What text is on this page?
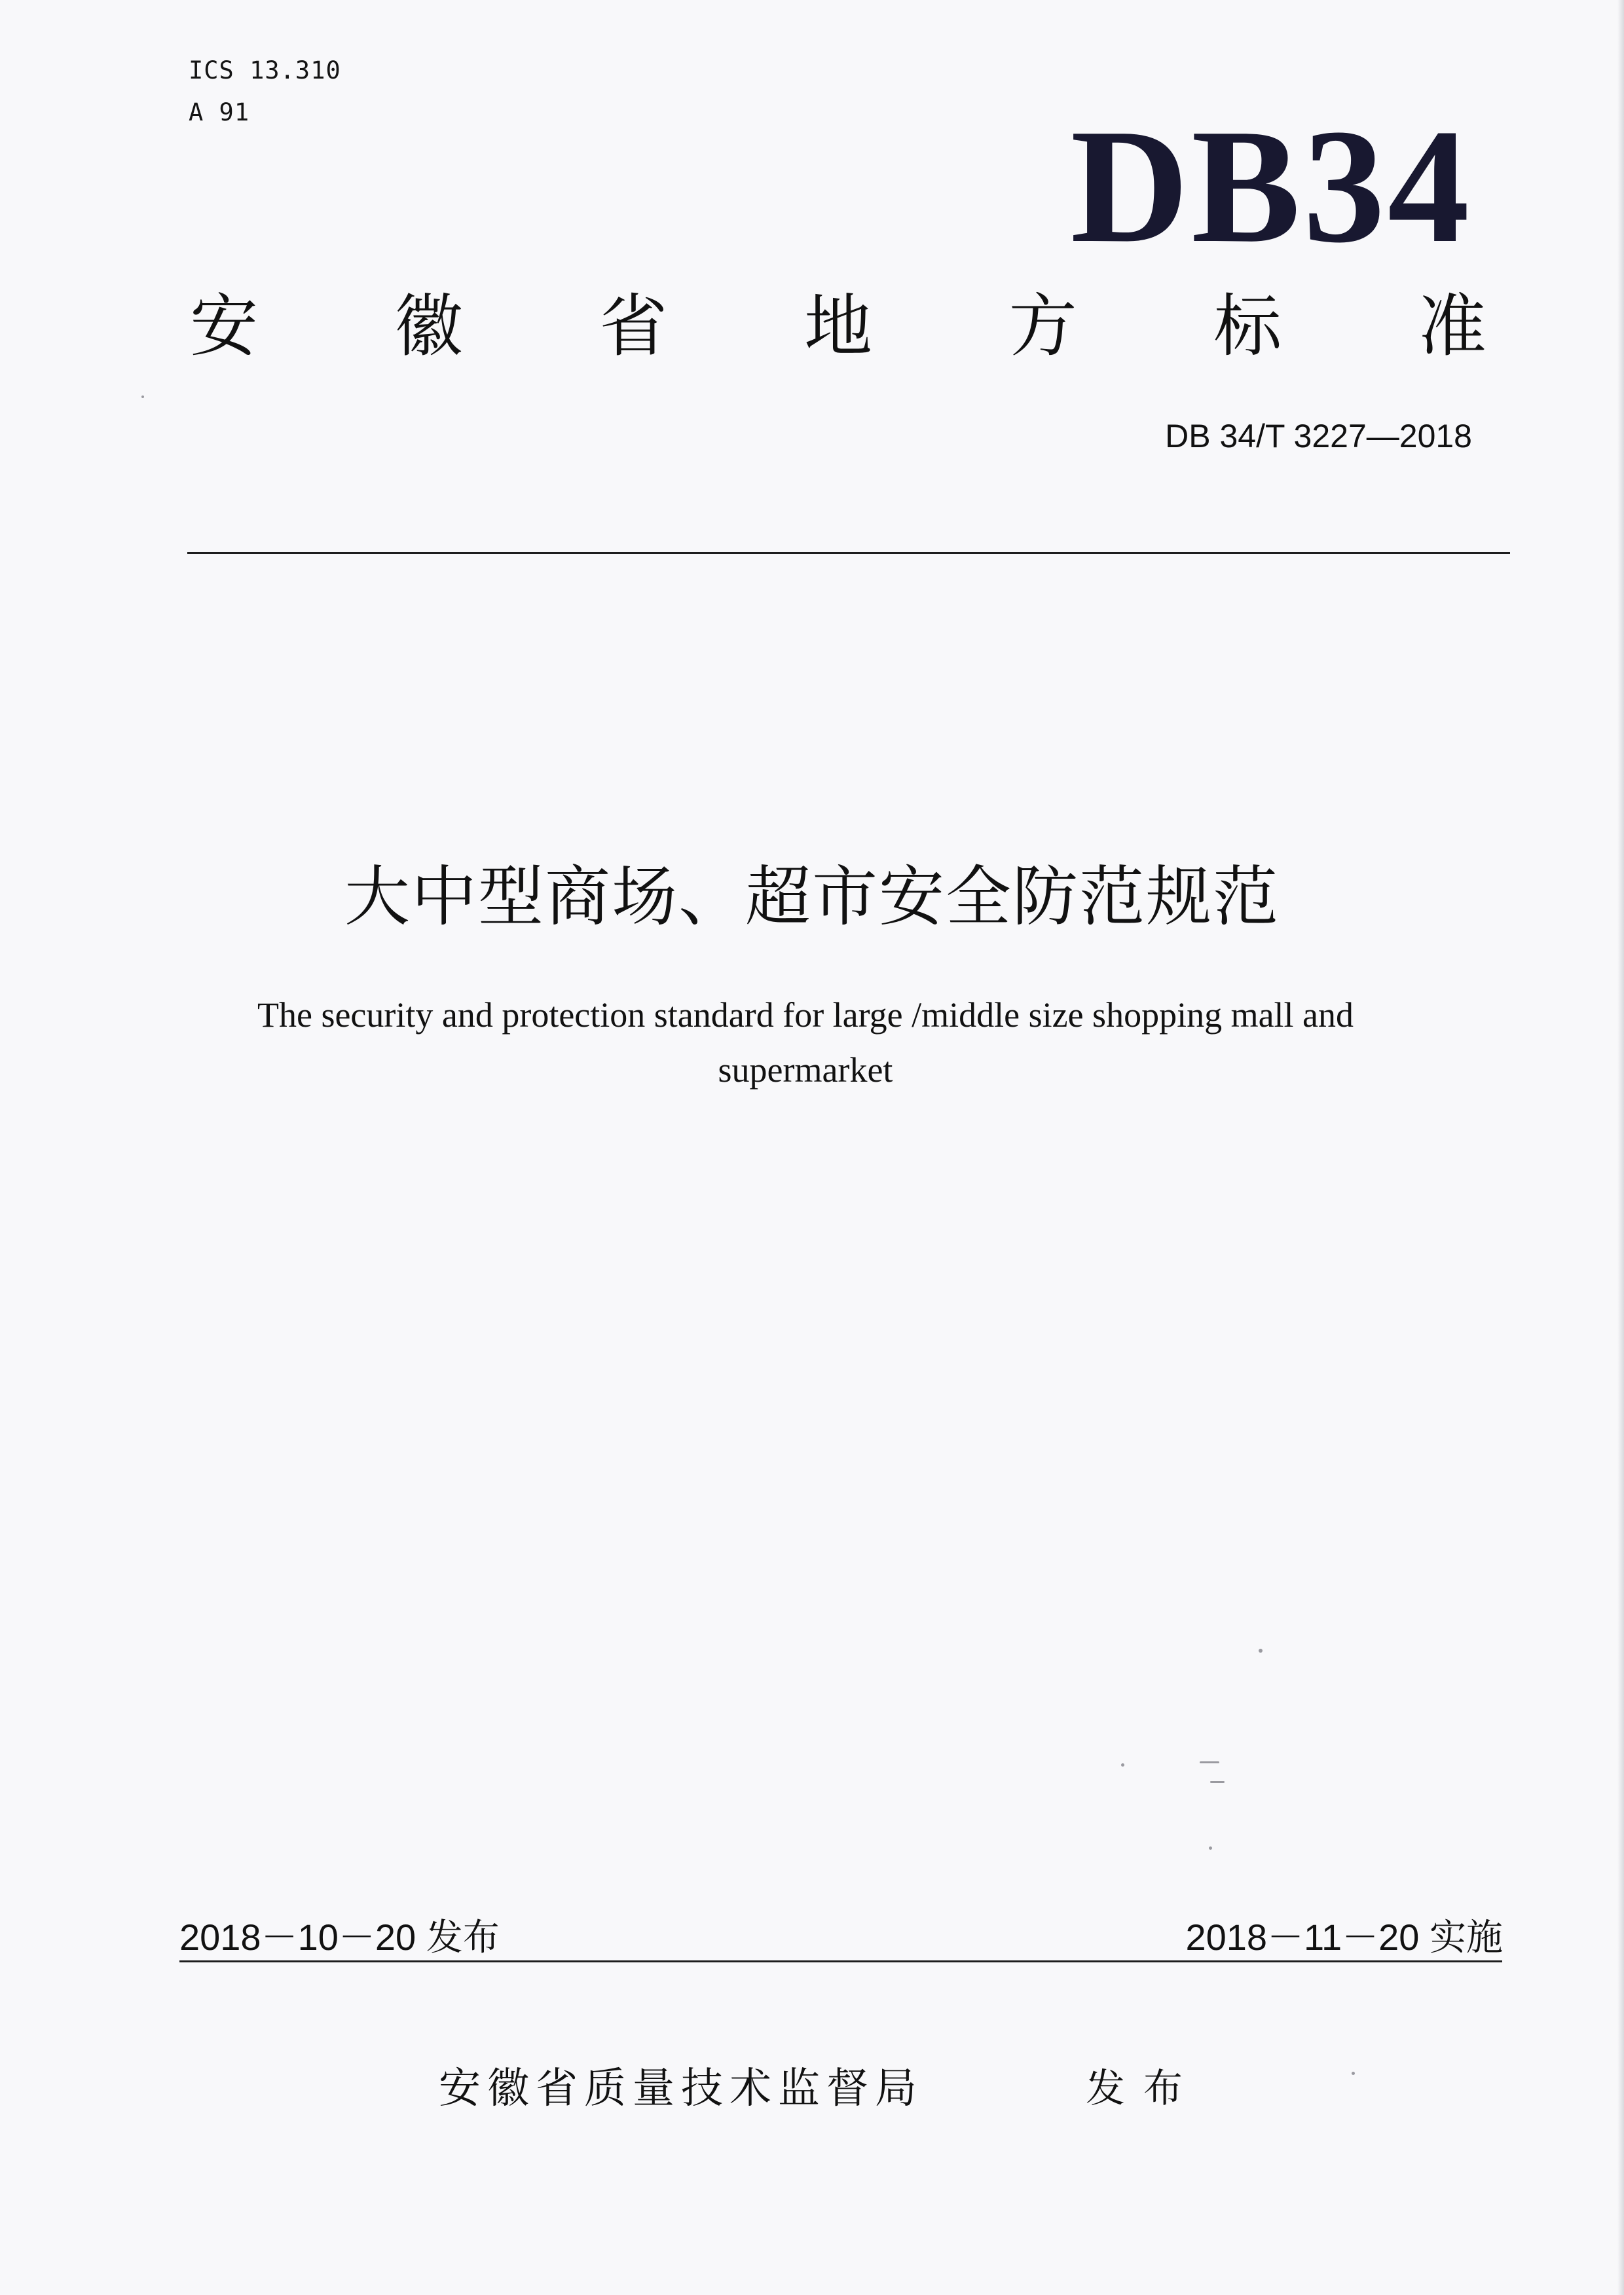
ICS 13.310
A 91	DB34
安 徽 省 地 方 标 准
DB 34/T 3227—2018
大中型商场、超市安全防范规范
The security and protection standard for large /middle size shopping mall and
supermarket
2018－10－20 发布	2018－11－20 实施
安徽省质量技术监督局	发布
